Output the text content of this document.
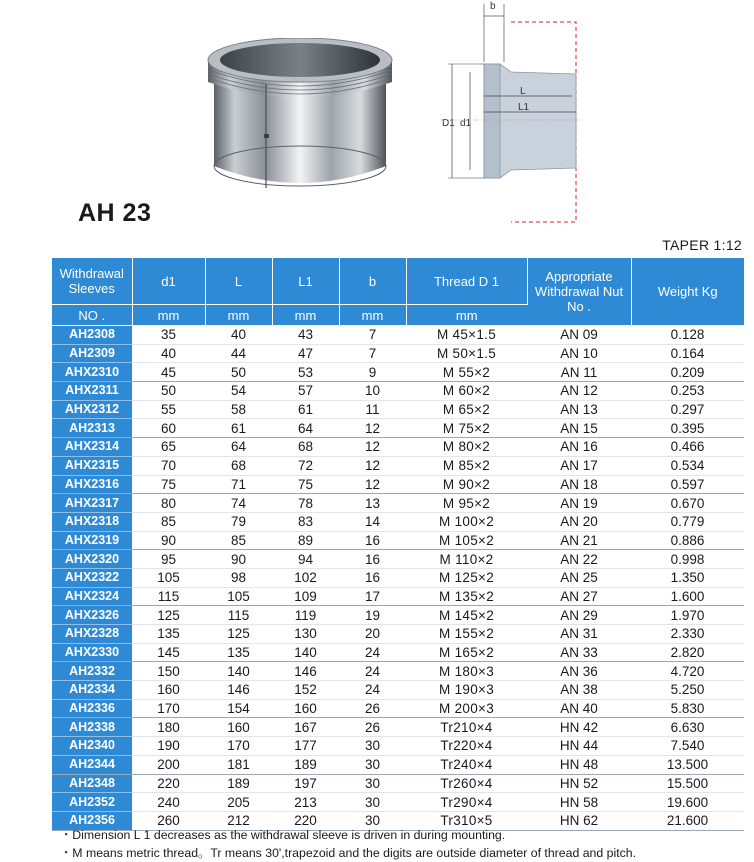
b
L
L1
D1 d1
AH 23
TAPER 1:12
Withdrawal Sleeves	d1	L	L1	b	Thread D 1	Appropriate Withdrawal Nut No .	Weight Kg
NO .	mm	mm	mm	mm	mm		
AH2308	35	40	43	7	M 45×1.5	AN 09	0.128
AH2309	40	44	47	7	M 50×1.5	AN 10	0.164
AHX2310	45	50	53	9	M 55×2	AN 11	0.209
AHX2311	50	54	57	10	M 60×2	AN 12	0.253
AHX2312	55	58	61	11	M 65×2	AN 13	0.297
AH2313	60	61	64	12	M 75×2	AN 15	0.395
AHX2314	65	64	68	12	M 80×2	AN 16	0.466
AHX2315	70	68	72	12	M 85×2	AN 17	0.534
AHX2316	75	71	75	12	M 90×2	AN 18	0.597
AHX2317	80	74	78	13	M 95×2	AN 19	0.670
AHX2318	85	79	83	14	M 100×2	AN 20	0.779
AHX2319	90	85	89	16	M 105×2	AN 21	0.886
AHX2320	95	90	94	16	M 110×2	AN 22	0.998
AHX2322	105	98	102	16	M 125×2	AN 25	1.350
AHX2324	115	105	109	17	M 135×2	AN 27	1.600
AHX2326	125	115	119	19	M 145×2	AN 29	1.970
AHX2328	135	125	130	20	M 155×2	AN 31	2.330
AHX2330	145	135	140	24	M 165×2	AN 33	2.820
AH2332	150	140	146	24	M 180×3	AN 36	4.720
AH2334	160	146	152	24	M 190×3	AN 38	5.250
AH2336	170	154	160	26	M 200×3	AN 40	5.830
AH2338	180	160	167	26	Tr210×4	HN 42	6.630
AH2340	190	170	177	30	Tr220×4	HN 44	7.540
AH2344	200	181	189	30	Tr240×4	HN 48	13.500
AH2348	220	189	197	30	Tr260×4	HN 52	15.500
AH2352	240	205	213	30	Tr290×4	HN 58	19.600
AH2356	260	212	220	30	Tr310×5	HN 62	21.600
・Dimension L 1 decreases as the withdrawal sleeve is driven in during mounting.
・M means metric thread。Tr means 30',trapezoid and the digits are outside diameter of thread and pitch.
